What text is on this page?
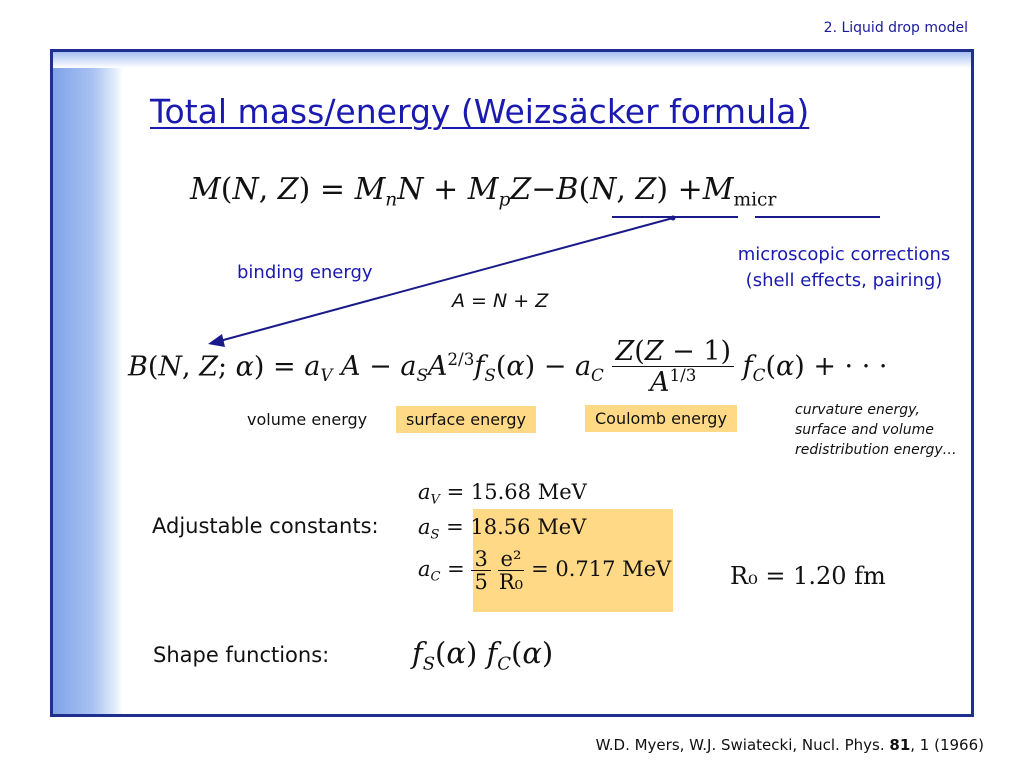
2. Liquid drop model
Total mass/energy (Weizsäcker formula)
M(N, $Z) = M_nN + M_pZ-B(N$, $Z) +M_{micr}$
binding energy
microscopic corrections
(shell effects, pairing)
A = N + Z
B(N, Z; $\alpha) = a_V$ $A - a_SA^{2/3}f_S(\alpha) - a_C \frac{Z(Z - 1)}{A^{1/3}} f_C(\alpha)$ + · · ·
volume energy	surface energy	Coulomb energy	curvature energy,
surface and volume
redistribution energy…
Adjustable constants:
$a_V = 15.68$ MeV
$a_S = 18.56$ MeV
$a_C = \frac{3}{5}$
$\frac{\text{e²}}{\text{R₀}} = 0.717$ MeV R₀ = 1.20 fm
Shape functions:	$f_S(\alpha)$ $f_C(\alpha)$
W.D. Myers, W.J. Swiatecki, Nucl. Phys. 81, 1 (1966)
